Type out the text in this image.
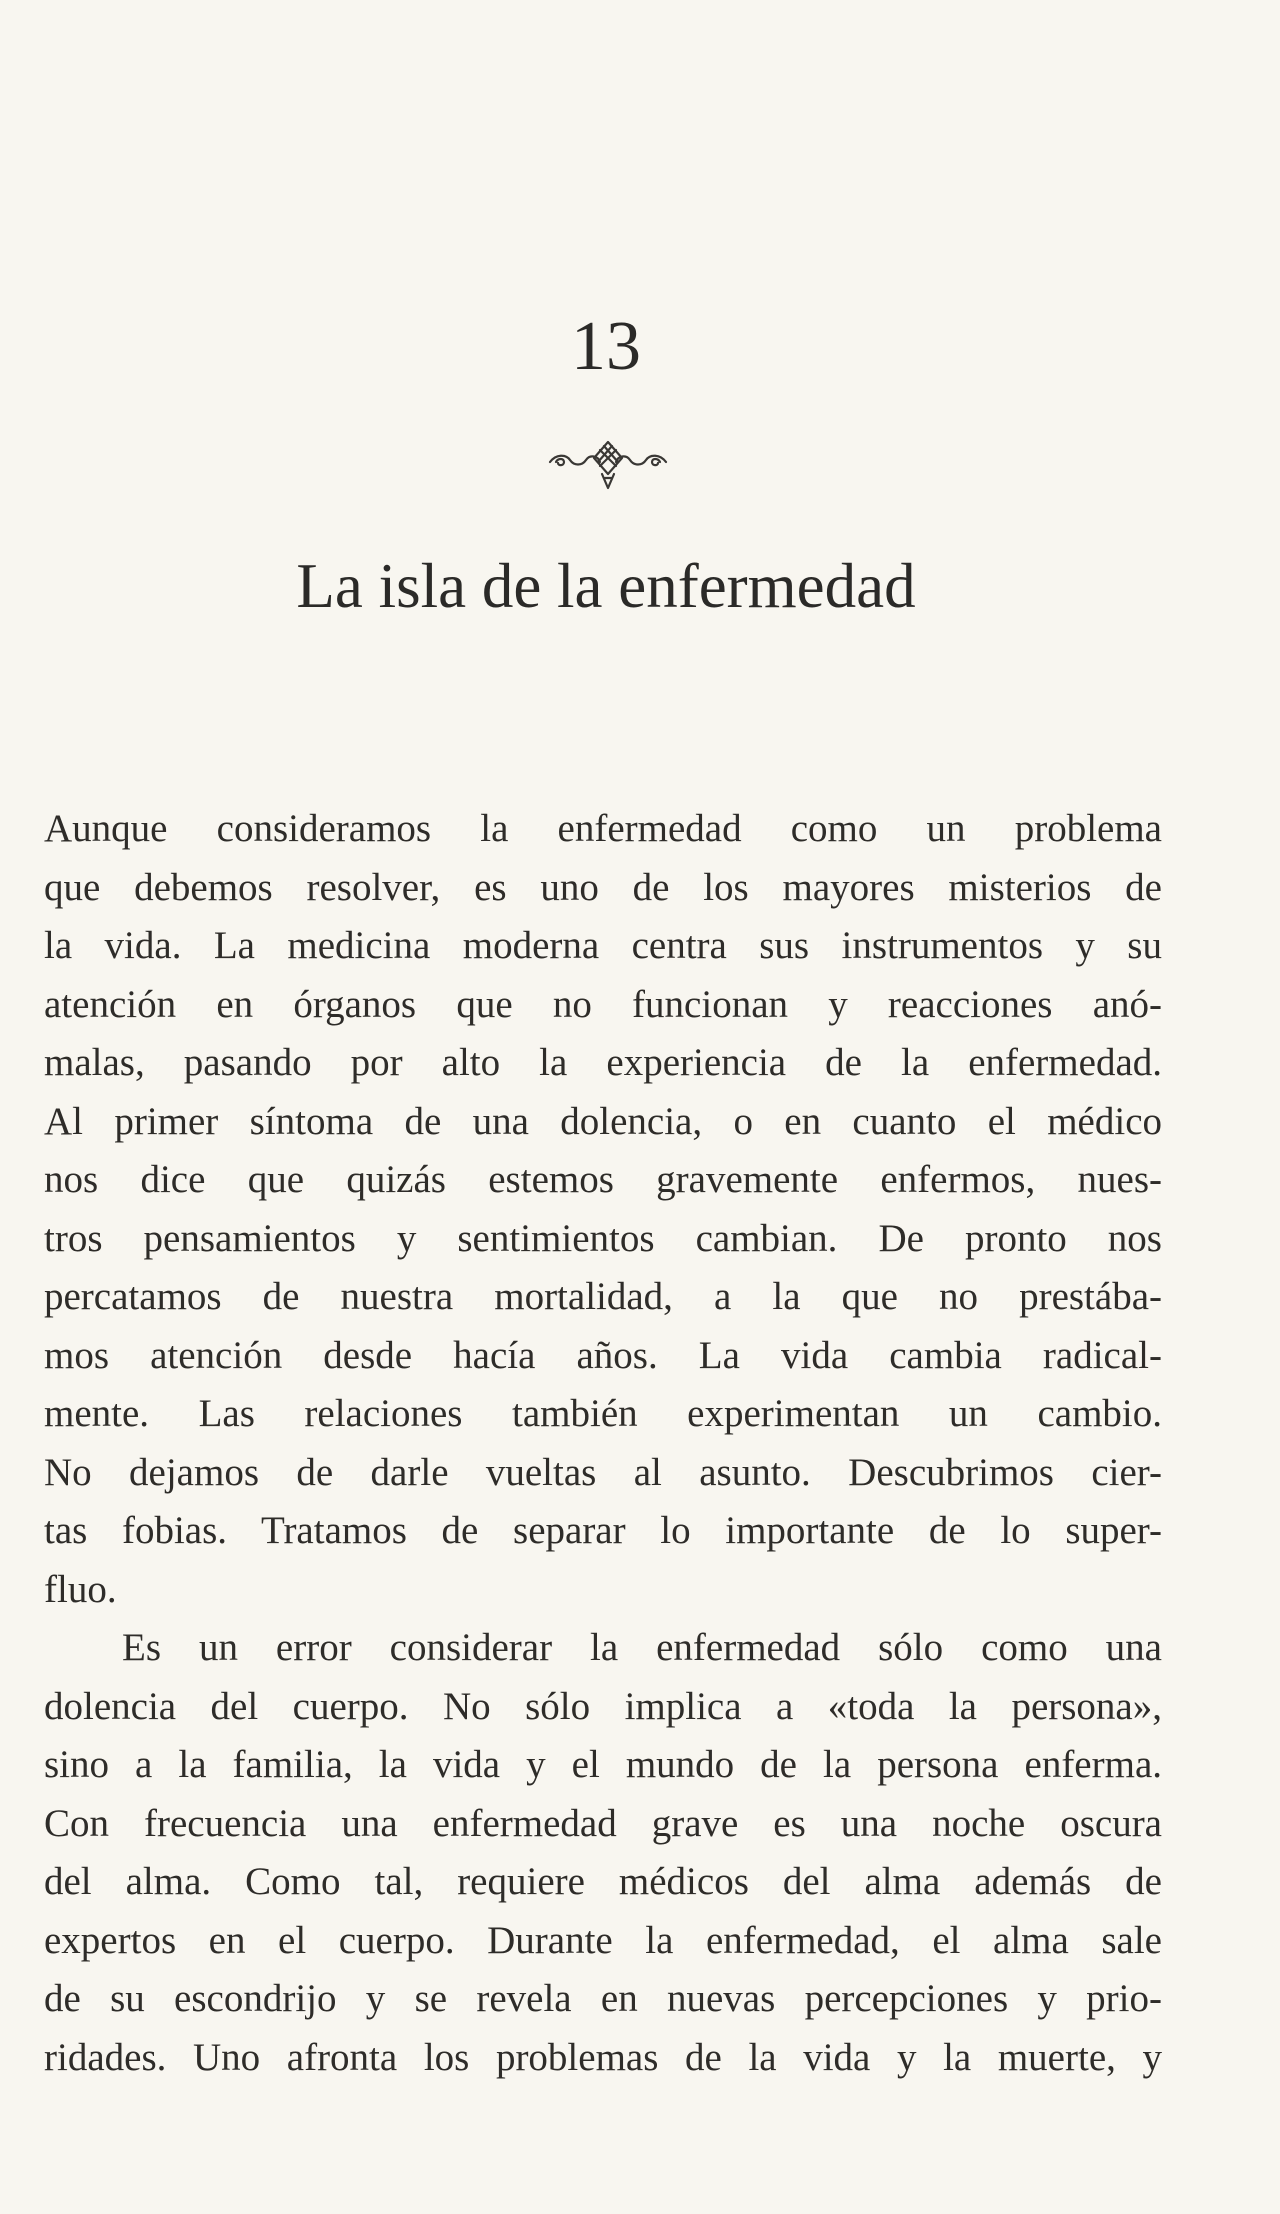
13
La isla de la enfermedad
Aunque consideramos la enfermedad como un problema
que debemos resolver, es uno de los mayores misterios de
la vida. La medicina moderna centra sus instrumentos y su
atención en órganos que no funcionan y reacciones anó-
malas, pasando por alto la experiencia de la enfermedad.
Al primer síntoma de una dolencia, o en cuanto el médico
nos dice que quizás estemos gravemente enfermos, nues-
tros pensamientos y sentimientos cambian. De pronto nos
percatamos de nuestra mortalidad, a la que no prestába-
mos atención desde hacía años. La vida cambia radical-
mente. Las relaciones también experimentan un cambio.
No dejamos de darle vueltas al asunto. Descubrimos cier-
tas fobias. Tratamos de separar lo importante de lo super-
fluo.
Es un error considerar la enfermedad sólo como una
dolencia del cuerpo. No sólo implica a «toda la persona»,
sino a la familia, la vida y el mundo de la persona enferma.
Con frecuencia una enfermedad grave es una noche oscura
del alma. Como tal, requiere médicos del alma además de
expertos en el cuerpo. Durante la enfermedad, el alma sale
de su escondrijo y se revela en nuevas percepciones y prio-
ridades. Uno afronta los problemas de la vida y la muerte, y
